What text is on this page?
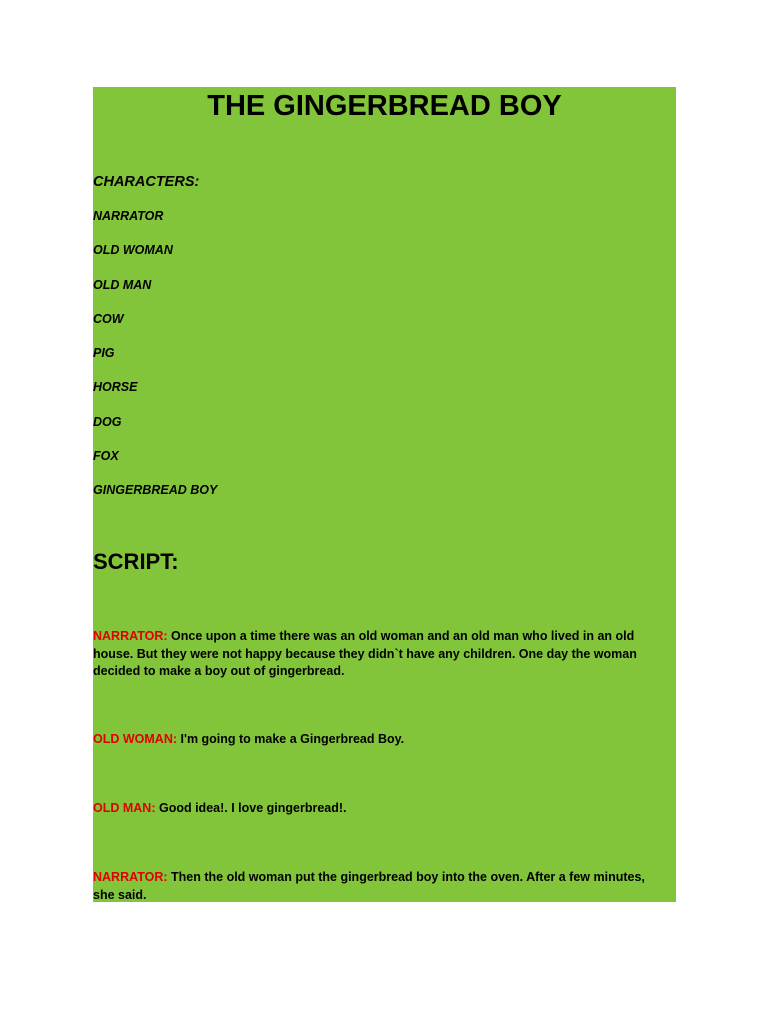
THE GINGERBREAD BOY
CHARACTERS:
NARRATOR
OLD WOMAN
OLD MAN
COW
PIG
HORSE
DOG
FOX
GINGERBREAD BOY
SCRIPT:
NARRATOR: Once upon a time there was an old woman and an old man who lived in an old house. But they were not happy because they didn`t have any children. One day the woman decided to make a boy out of gingerbread.
OLD WOMAN: I'm going to make a Gingerbread Boy.
OLD MAN: Good idea!. I love gingerbread!.
NARRATOR: Then the old woman put the gingerbread boy into the oven. After a few minutes, she said.
